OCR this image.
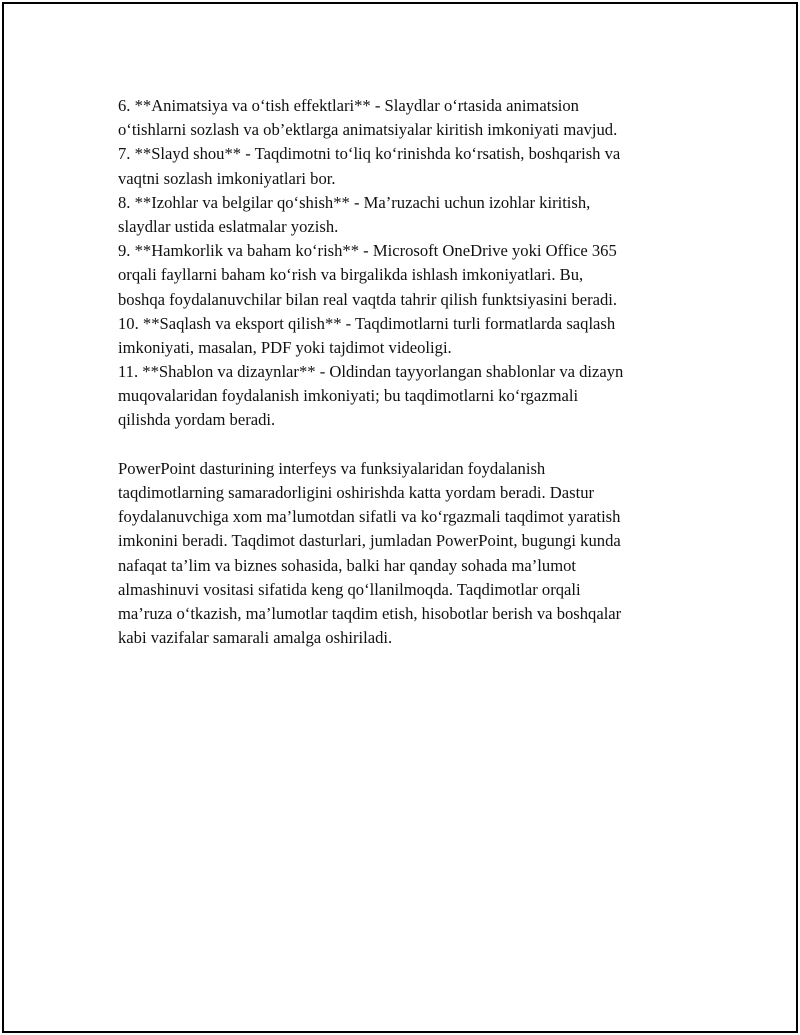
6. **Animatsiya va o‘tish effektlari** - Slaydlar o‘rtasida animatsion
o‘tishlarni sozlash va ob’ektlarga animatsiyalar kiritish imkoniyati mavjud.
7. **Slayd shou** - Taqdimotni to‘liq ko‘rinishda ko‘rsatish, boshqarish va
vaqtni sozlash imkoniyatlari bor.
8. **Izohlar va belgilar qo‘shish** - Ma’ruzachi uchun izohlar kiritish,
slaydlar ustida eslatmalar yozish.
9. **Hamkorlik va baham ko‘rish** - Microsoft OneDrive yoki Office 365
orqali fayllarni baham ko‘rish va birgalikda ishlash imkoniyatlari. Bu,
boshqa foydalanuvchilar bilan real vaqtda tahrir qilish funktsiyasini beradi.
10. **Saqlash va eksport qilish** - Taqdimotlarni turli formatlarda saqlash
imkoniyati, masalan, PDF yoki tajdimot videoligi.
11. **Shablon va dizaynlar** - Oldindan tayyorlangan shablonlar va dizayn
muqovalaridan foydalanish imkoniyati; bu taqdimotlarni ko‘rgazmali
qilishda yordam beradi.
PowerPoint dasturining interfeys va funksiyalaridan foydalanish
taqdimotlarning samaradorligini oshirishda katta yordam beradi. Dastur
foydalanuvchiga xom ma’lumotdan sifatli va ko‘rgazmali taqdimot yaratish
imkonini beradi. Taqdimot dasturlari, jumladan PowerPoint, bugungi kunda
nafaqat ta’lim va biznes sohasida, balki har qanday sohada ma’lumot
almashinuvi vositasi sifatida keng qo‘llanilmoqda. Taqdimotlar orqali
ma’ruza o‘tkazish, ma’lumotlar taqdim etish, hisobotlar berish va boshqalar
kabi vazifalar samarali amalga oshiriladi.
